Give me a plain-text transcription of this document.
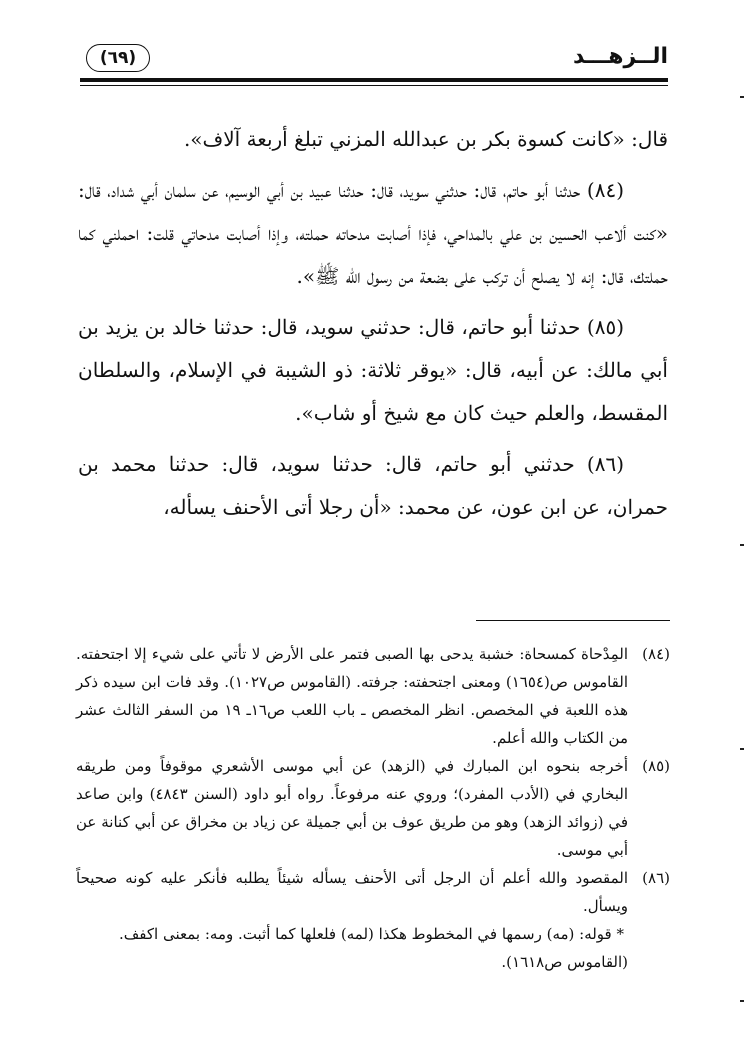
الــزهـــد
(٦٩)

قال: «كانت كسوة بكر بن عبدالله المزني تبلغ أربعة آلاف».

(٨٤) حدثنا أبو حاتم، قال: حدثني سويد، قال: حدثنا عبيد بن أبي الوسيم، عن سلمان أبي شداد، قال: «كنت ألاعب الحسين بن علي بالمداحي، فإذا أصابت مدحاته حملته، وإذا أصابت مدحاتي قلت: احملني كما حملتك، قال: إنه لا يصلح أن تركب على بضعة من رسول الله ﷺ».

(٨٥) حدثنا أبو حاتم، قال: حدثني سويد، قال: حدثنا خالد بن يزيد بن أبي مالك: عن أبيه، قال: «يوقر ثلاثة: ذو الشيبة في الإسلام، والسلطان المقسط، والعلم حيث كان مع شيخ أو شاب».

(٨٦) حدثني أبو حاتم، قال: حدثنا سويد، قال: حدثنا محمد بن حمران، عن ابن عون، عن محمد: «أن رجلا أتى الأحنف يسأله،

(٨٤)
المِدْحاة كمسحاة: خشبة يدحى بها الصبى فتمر على الأرض لا تأتي على شيء إلا اجتحفته. القاموس ص(١٦٥٤) ومعنى اجتحفته: جرفته. (القاموس ص١٠٢٧). وقد فات ابن سيده ذكر هذه اللعبة في المخصص. انظر المخصص ـ باب اللعب ص١٦ـ ١٩ من السفر الثالث عشر من الكتاب والله أعلم.
(٨٥)
أخرجه بنحوه ابن المبارك في (الزهد) عن أبي موسى الأشعري موقوفاً ومن طريقه البخاري في (الأدب المفرد)؛ وروي عنه مرفوعاً. رواه أبو داود (السنن ٤٨٤٣) وابن صاعد في (زوائد الزهد) وهو من طريق عوف بن أبي جميلة عن زياد بن مخراق عن أبي كنانة عن أبي موسى.
(٨٦)
المقصود والله أعلم أن الرجل أتى الأحنف يسأله شيئاً يطلبه فأنكر عليه كونه صحيحاً ويسأل.
* قوله: (مه) رسمها في المخطوط هكذا (لمه) فلعلها كما أثبت. ومه: بمعنى اكفف. (القاموس ص١٦١٨).
